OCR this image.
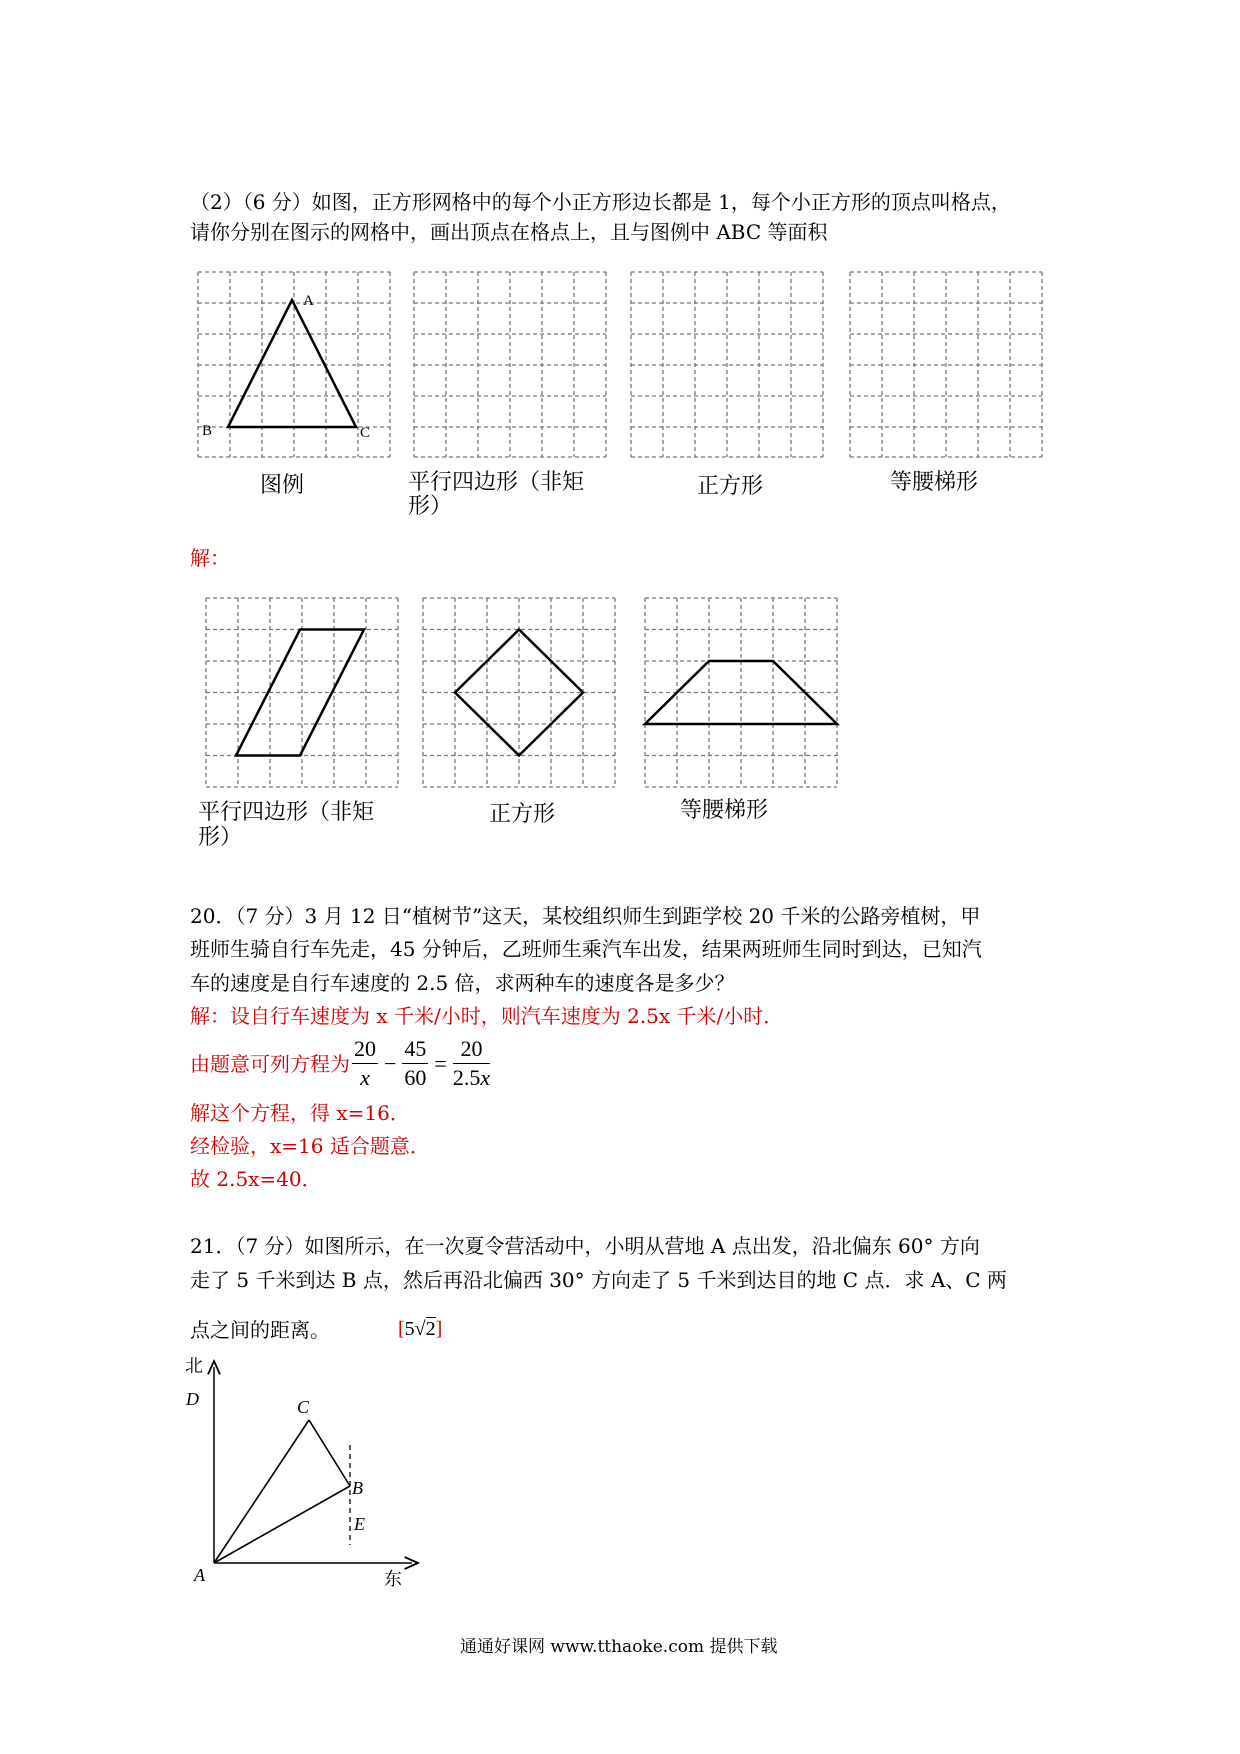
（2）（6 分）如图，正方形网格中的每个小正方形边长都是 1，每个小正方形的顶点叫格点，
请你分别在图示的网格中，画出顶点在格点上，且与图例中 ABC 等面积
A
B	C
图例	平行四边形（非矩
形）
正方形	等腰梯形
解：
平行四边形（非矩
形）
正方形	等腰梯形
20．（7 分）3 月 12 日“植树节”这天，某校组织师生到距学校 20 千米的公路旁植树，甲
班师生骑自行车先走，45 分钟后，乙班师生乘汽车出发，结果两班师生同时到达，已知汽
车的速度是自行车速度的 2.5 倍，求两种车的速度各是多少？
解：设自行车速度为 x 千米/小时，则汽车速度为 2.5x 千米/小时．
由题意可列方程为 $\frac{20}{x} - \frac{45}{60} = \frac{20}{2.5x}$
解这个方程，得 x=16．
经检验，x=16 适合题意．
故 2.5x=40．
21．（7 分）如图所示，在一次夏令营活动中，小明从营地 A 点出发，沿北偏东 60° 方向
走了 5 千米到达 B 点，然后再沿北偏西 30° 方向走了 5 千米到达目的地 C 点．求 A、C 两
点之间的距离。	[5√2]
北
D	C
B
E
A	东
通通好课网 www.tthaoke.com 提供下载
